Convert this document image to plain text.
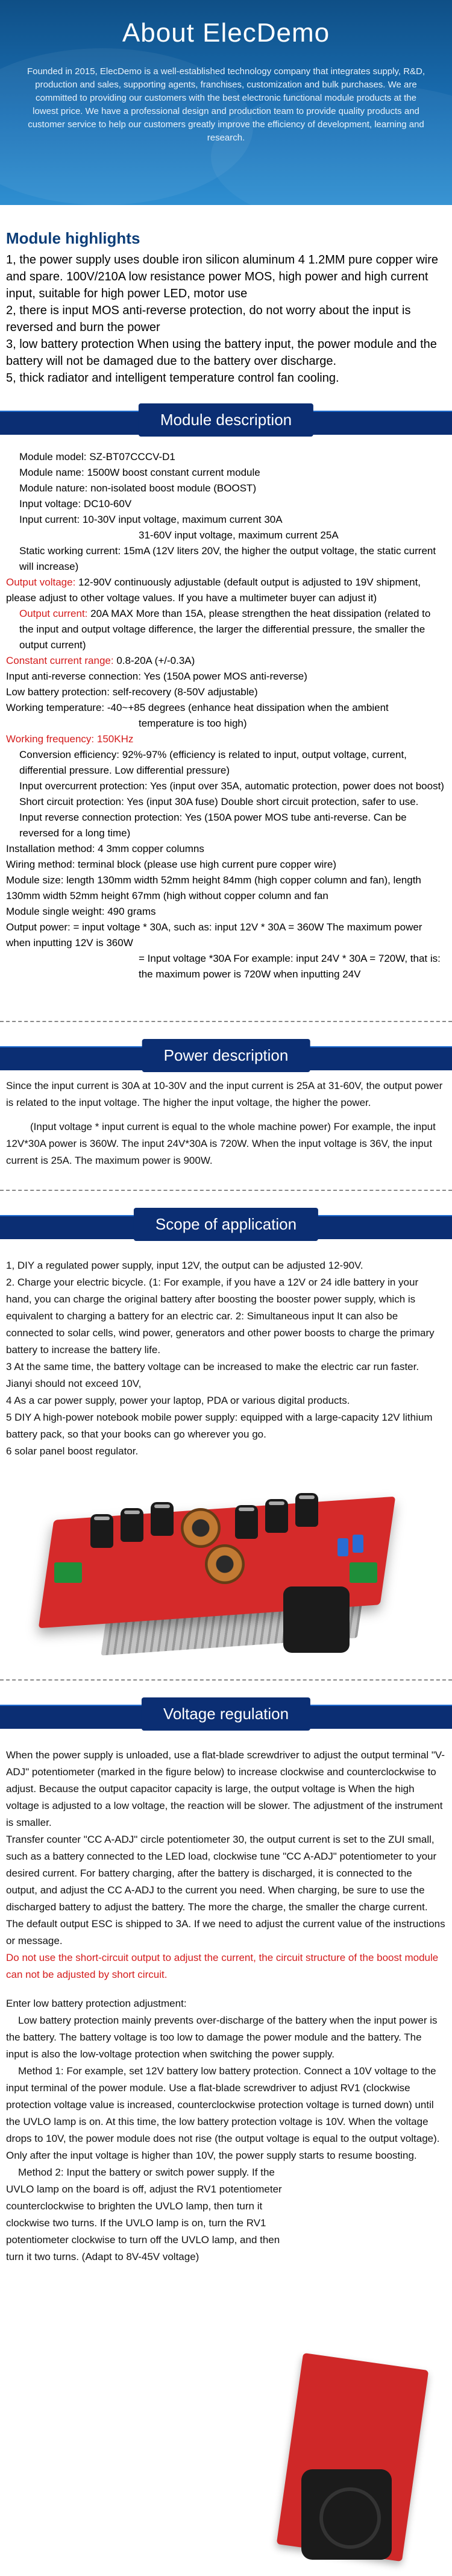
About ElecDemo

Founded in 2015, ElecDemo is a well-established technology company that integrates supply, R&D, production and sales, supporting agents, franchises, customization and bulk purchases. We are committed to providing our customers with the best electronic functional module products at the lowest price. We have a professional design and production team to provide quality products and customer service to help our customers greatly improve the efficiency of development, learning and research.

Module highlights
1, the power supply uses double iron silicon aluminum 4 1.2MM pure copper wire and spare. 100V/210A low resistance power MOS, high power and high current input, suitable for high power LED, motor use
2, there is input MOS anti-reverse protection, do not worry about the input is reversed and burn the power
3, low battery protection When using the battery input, the power module and the battery will not be damaged due to the battery over discharge.
5, thick radiator and intelligent temperature control fan cooling.
Module description
Module model: SZ-BT07CCCV-D1
Module name: 1500W boost constant current module
Module nature: non-isolated boost module (BOOST)
Input voltage: DC10-60V
Input current: 10-30V input voltage, maximum current 30A
31-60V input voltage, maximum current 25A
Static working current: 15mA (12V liters 20V, the higher the output voltage, the static current will increase)
Output voltage: 12-90V continuously adjustable (default output is adjusted to 19V shipment, please adjust to other voltage values. If you have a multimeter buyer can adjust it)
Output current: 20A MAX More than 15A, please strengthen the heat dissipation (related to the input and output voltage difference, the larger the differential pressure, the smaller the output current)
Constant current range: 0.8-20A (+/-0.3A)
Input anti-reverse connection: Yes (150A power MOS anti-reverse)
Low battery protection: self-recovery (8-50V adjustable)
Working temperature: -40~+85 degrees (enhance heat dissipation when the ambient
temperature is too high)
Working frequency: 150KHz
Conversion efficiency: 92%-97% (efficiency is related to input, output voltage, current, differential pressure. Low differential pressure)
Input overcurrent protection: Yes (input over 35A, automatic protection, power does not boost)
Short circuit protection: Yes (input 30A fuse) Double short circuit protection, safer to use.
Input reverse connection protection: Yes (150A power MOS tube anti-reverse. Can be reversed for a long time)
Installation method: 4 3mm copper columns
Wiring method: terminal block (please use high current pure copper wire)
Module size: length 130mm width 52mm height 84mm (high copper column and fan), length 130mm width 52mm height 67mm (high without copper column and fan
Module single weight: 490 grams
Output power: = input voltage * 30A, such as: input 12V * 30A = 360W The maximum power when inputting 12V is 360W
= Input voltage *30A For example: input 24V * 30A = 720W, that is: the maximum power is 720W when inputting 24V
Power description
Since the input current is 30A at 10-30V and the input current is 25A at 31-60V, the output power is related to the input voltage. The higher the input voltage, the higher the power.
(Input voltage * input current is equal to the whole machine power) For example, the input 12V*30A power is 360W. The input 24V*30A is 720W. When the input voltage is 36V, the input current is 25A. The maximum power is 900W.
Scope of application
1, DIY a regulated power supply, input 12V, the output can be adjusted 12-90V.
2. Charge your electric bicycle. (1: For example, if you have a 12V or 24 idle battery in your hand, you can charge the original battery after boosting the booster power supply, which is equivalent to charging a battery for an electric car. 2: Simultaneous input It can also be connected to solar cells, wind power, generators and other power boosts to charge the primary battery to increase the battery life.
3 At the same time, the battery voltage can be increased to make the electric car run faster. Jianyi should not exceed 10V,
4 As a car power supply, power your laptop, PDA or various digital products.
5 DIY A high-power notebook mobile power supply: equipped with a large-capacity 12V lithium battery pack, so that your books can go wherever you go.
6 solar panel boost regulator.
Voltage regulation
When the power supply is unloaded, use a flat-blade screwdriver to adjust the output terminal "V-ADJ" potentiometer (marked in the figure below) to increase clockwise and counterclockwise to adjust. Because the output capacitor capacity is large, the output voltage is When the high voltage is adjusted to a low voltage, the reaction will be slower. The adjustment of the instrument is smaller.
Transfer counter "CC A-ADJ" circle potentiometer 30, the output current is set to the ZUI small, such as a battery connected to the LED load, clockwise tune "CC A-ADJ" potentiometer to your desired current. For battery charging, after the battery is discharged, it is connected to the output, and adjust the CC A-ADJ to the current you need. When charging, be sure to use the discharged battery to adjust the battery. The more the charge, the smaller the charge current. The default output ESC is shipped to 3A. If we need to adjust the current value of the instructions or message.
Do not use the short-circuit output to adjust the current, the circuit structure of the boost module can not be adjusted by short circuit.
Enter low battery protection adjustment:
Low battery protection mainly prevents over-discharge of the battery when the input power is the battery. The battery voltage is too low to damage the power module and the battery. The input is also the low-voltage protection when switching the power supply.
Method 1: For example, set 12V battery low battery protection. Connect a 10V voltage to the input terminal of the power module. Use a flat-blade screwdriver to adjust RV1 (clockwise protection voltage value is increased, counterclockwise protection voltage is turned down) until the UVLO lamp is on. At this time, the low battery protection voltage is 10V. When the voltage drops to 10V, the power module does not rise (the output voltage is equal to the output voltage). Only after the input voltage is higher than 10V, the power supply starts to resume boosting.
Method 2: Input the battery or switch power supply. If the UVLO lamp on the board is off, adjust the RV1 potentiometer counterclockwise to brighten the UVLO lamp, then turn it clockwise two turns. If the UVLO lamp is on, turn the RV1 potentiometer clockwise to turn off the UVLO lamp, and then turn it two turns. (Adapt to 8V-45V voltage)
